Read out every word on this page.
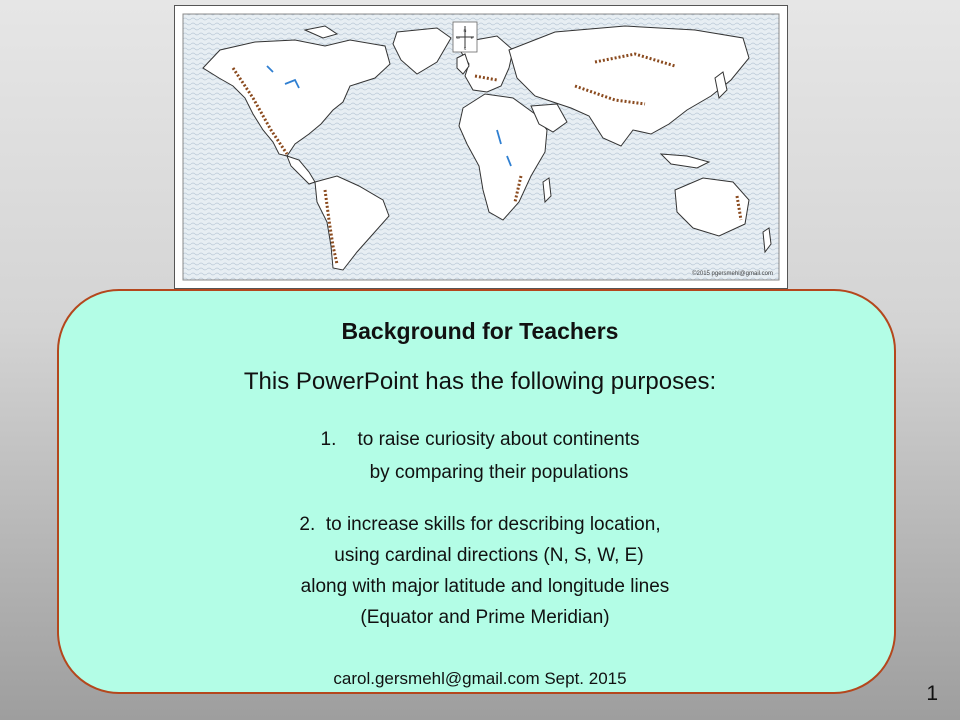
N
S
W	E
©2015 pgersmehl@gmail.com
Background for Teachers
This PowerPoint has the following purposes:
1. to raise curiosity about continents
by comparing their populations
2. to increase skills for describing location,
using cardinal directions (N, S, W, E)
along with major latitude and longitude lines
(Equator and Prime Meridian)
carol.gersmehl@gmail.com Sept. 2015
1
